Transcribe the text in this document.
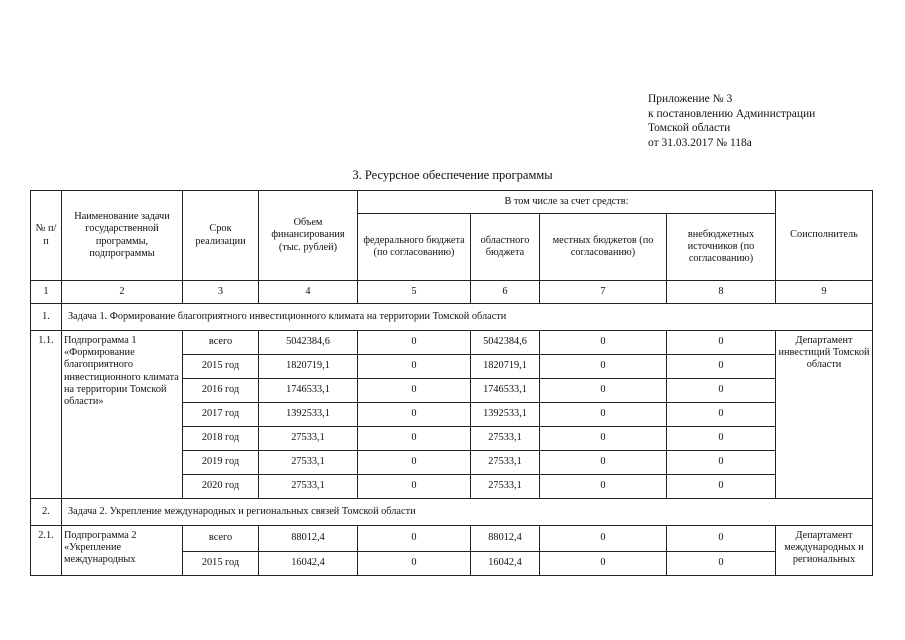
Приложение № 3
к постановлению Администрации
Томской области
от 31.03.2017 № 118а
3. Ресурсное обеспечение программы
№ п/п	Наименование задачи государственной программы, подпрограммы	Срок реализации	Объем финансирования (тыс. рублей)	В том числе за счет средств:				Соисполнитель
				федерального бюджета (по согласованию)	областного бюджета	местных бюджетов (по согласованию)	внебюджетных источников (по согласованию)	
1	2	3	4	5	6	7	8	9
1.	Задача 1. Формирование благоприятного инвестиционного климата на территории Томской области							
1.1.	Подпрограмма 1 «Формирование благоприятного инвестиционного климата на территории Томской области»	всего	5042384,6	0	5042384,6	0	0	Департамент инвестиций Томской области
		2015 год	1820719,1	0	1820719,1	0	0	
		2016 год	1746533,1	0	1746533,1	0	0	
		2017 год	1392533,1	0	1392533,1	0	0	
		2018 год	27533,1	0	27533,1	0	0	
		2019 год	27533,1	0	27533,1	0	0	
		2020 год	27533,1	0	27533,1	0	0	
2.	Задача 2. Укрепление международных и региональных связей Томской области							
2.1.	Подпрограмма 2 «Укрепление международных	всего	88012,4	0	88012,4	0	0	Департамент международных и региональных
		2015 год	16042,4	0	16042,4	0	0	
